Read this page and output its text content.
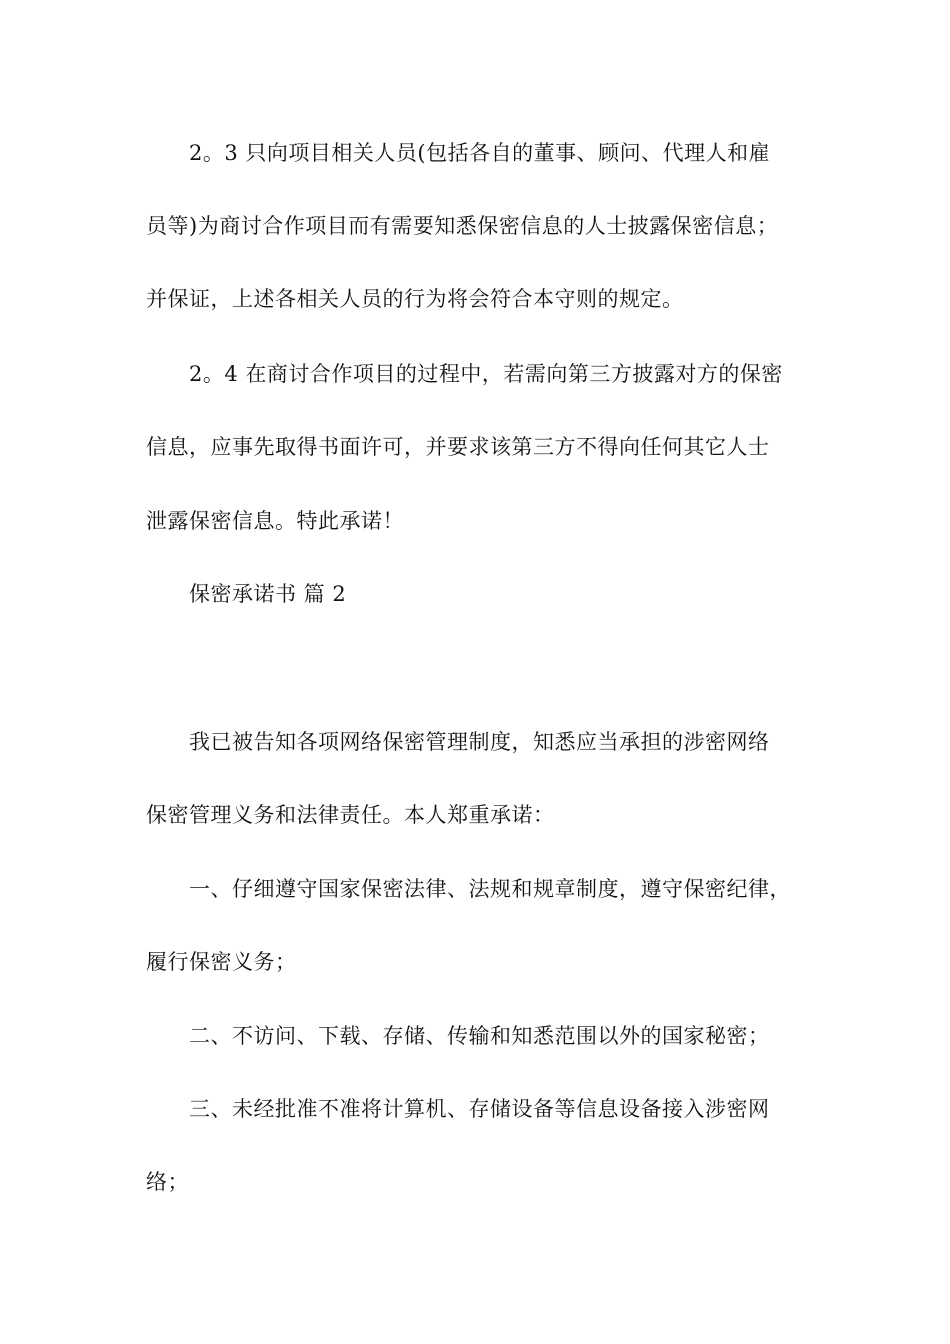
2。3 只向项目相关人员(包括各自的董事、顾问、代理人和雇
员等)为商讨合作项目而有需要知悉保密信息的人士披露保密信息；
并保证，上述各相关人员的行为将会符合本守则的规定。
2。4 在商讨合作项目的过程中，若需向第三方披露对方的保密
信息，应事先取得书面许可，并要求该第三方不得向任何其它人士
泄露保密信息。特此承诺！
保密承诺书 篇 2
我已被告知各项网络保密管理制度，知悉应当承担的涉密网络
保密管理义务和法律责任。本人郑重承诺：
一、仔细遵守国家保密法律、法规和规章制度，遵守保密纪律，
履行保密义务；
二、不访问、下载、存储、传输和知悉范围以外的国家秘密；
三、未经批准不准将计算机、存储设备等信息设备接入涉密网
络；
